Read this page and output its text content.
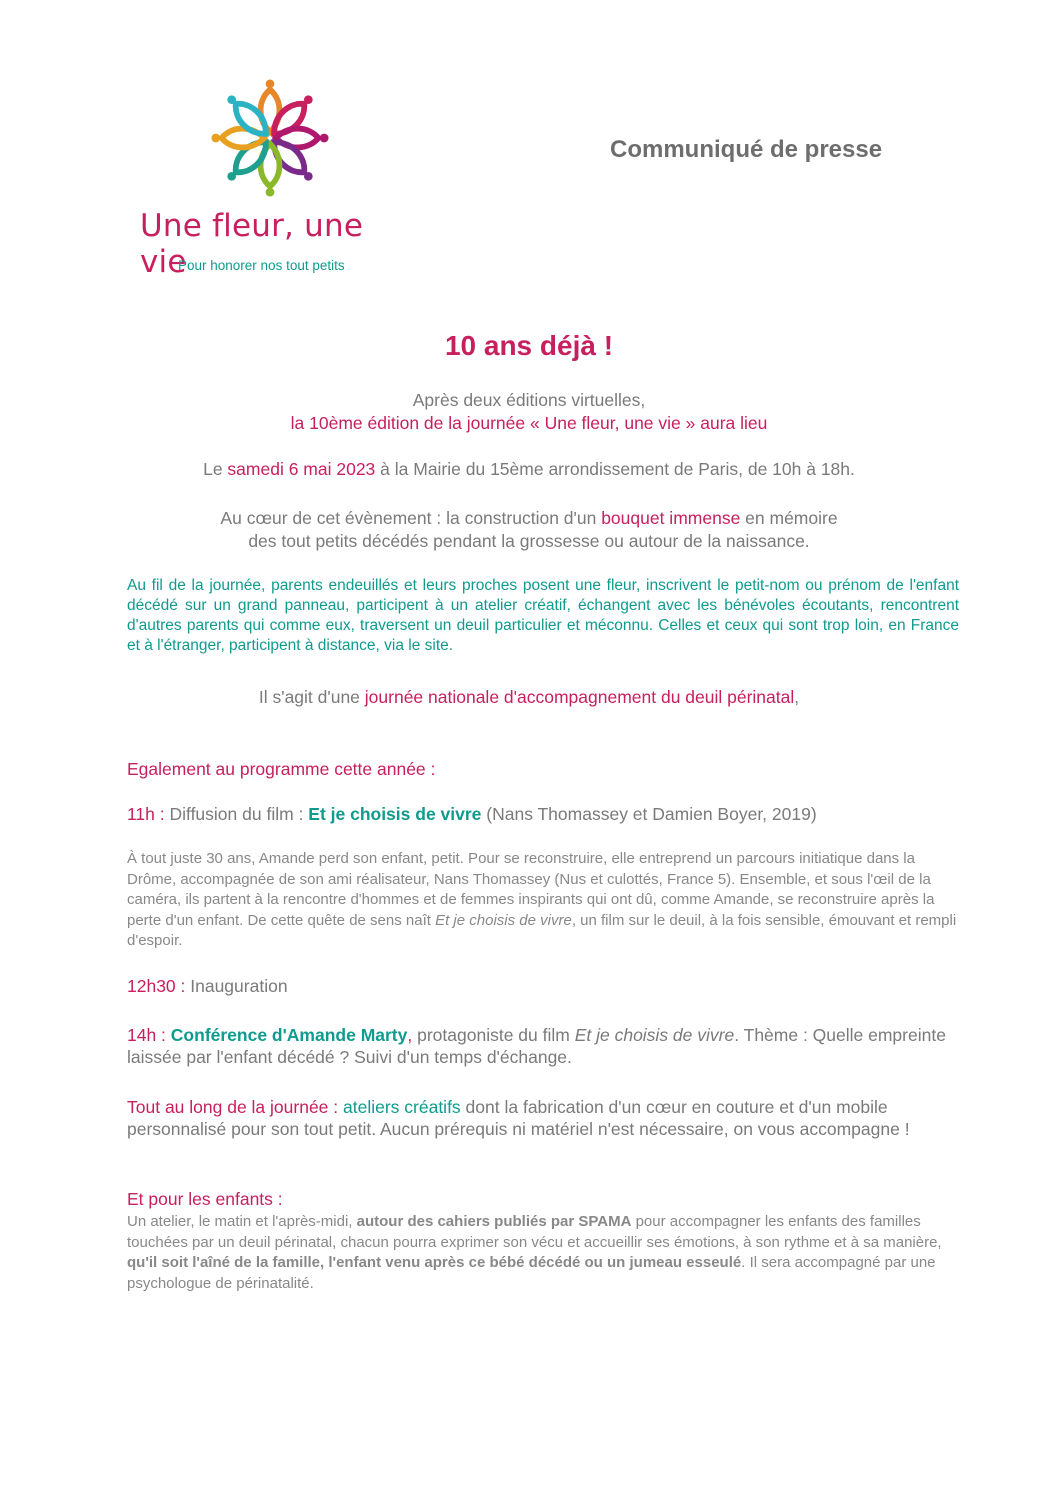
Une fleur, une vie
Pour honorer nos tout petits
Communiqué de presse
10 ans déjà !
Après deux éditions virtuelles,
la 10ème édition de la journée « Une fleur, une vie » aura lieu
Le samedi 6 mai 2023 à la Mairie du 15ème arrondissement de Paris, de 10h à 18h.
Au cœur de cet évènement : la construction d'un bouquet immense en mémoire
des tout petits décédés pendant la grossesse ou autour de la naissance.
Au fil de la journée, parents endeuillés et leurs proches posent une fleur, inscrivent le petit-nom ou prénom de l'enfant décédé sur un grand panneau, participent à un atelier créatif, échangent avec les bénévoles écoutants, rencontrent d'autres parents qui comme eux, traversent un deuil particulier et méconnu. Celles et ceux qui sont trop loin, en France et à l'étranger, participent à distance, via le site.
Il s'agit d'une journée nationale d'accompagnement du deuil périnatal,
Egalement au programme cette année :
11h : Diffusion du film : Et je choisis de vivre (Nans Thomassey et Damien Boyer, 2019)
À tout juste 30 ans, Amande perd son enfant, petit. Pour se reconstruire, elle entreprend un parcours initiatique dans la Drôme, accompagnée de son ami réalisateur, Nans Thomassey (Nus et culottés, France 5). Ensemble, et sous l'œil de la caméra, ils partent à la rencontre d'hommes et de femmes inspirants qui ont dû, comme Amande, se reconstruire après la perte d'un enfant. De cette quête de sens naît Et je choisis de vivre, un film sur le deuil, à la fois sensible, émouvant et rempli d'espoir.
12h30 : Inauguration
14h : Conférence d'Amande Marty, protagoniste du film Et je choisis de vivre. Thème : Quelle empreinte laissée par l'enfant décédé ? Suivi d'un temps d'échange.
Tout au long de la journée : ateliers créatifs dont la fabrication d'un cœur en couture et d'un mobile personnalisé pour son tout petit. Aucun prérequis ni matériel n'est nécessaire, on vous accompagne !
Et pour les enfants :
Un atelier, le matin et l'après-midi, autour des cahiers publiés par SPAMA pour accompagner les enfants des familles touchées par un deuil périnatal, chacun pourra exprimer son vécu et accueillir ses émotions, à son rythme et à sa manière, qu'il soit l'aîné de la famille, l'enfant venu après ce bébé décédé ou un jumeau esseulé. Il sera accompagné par une psychologue de périnatalité.
